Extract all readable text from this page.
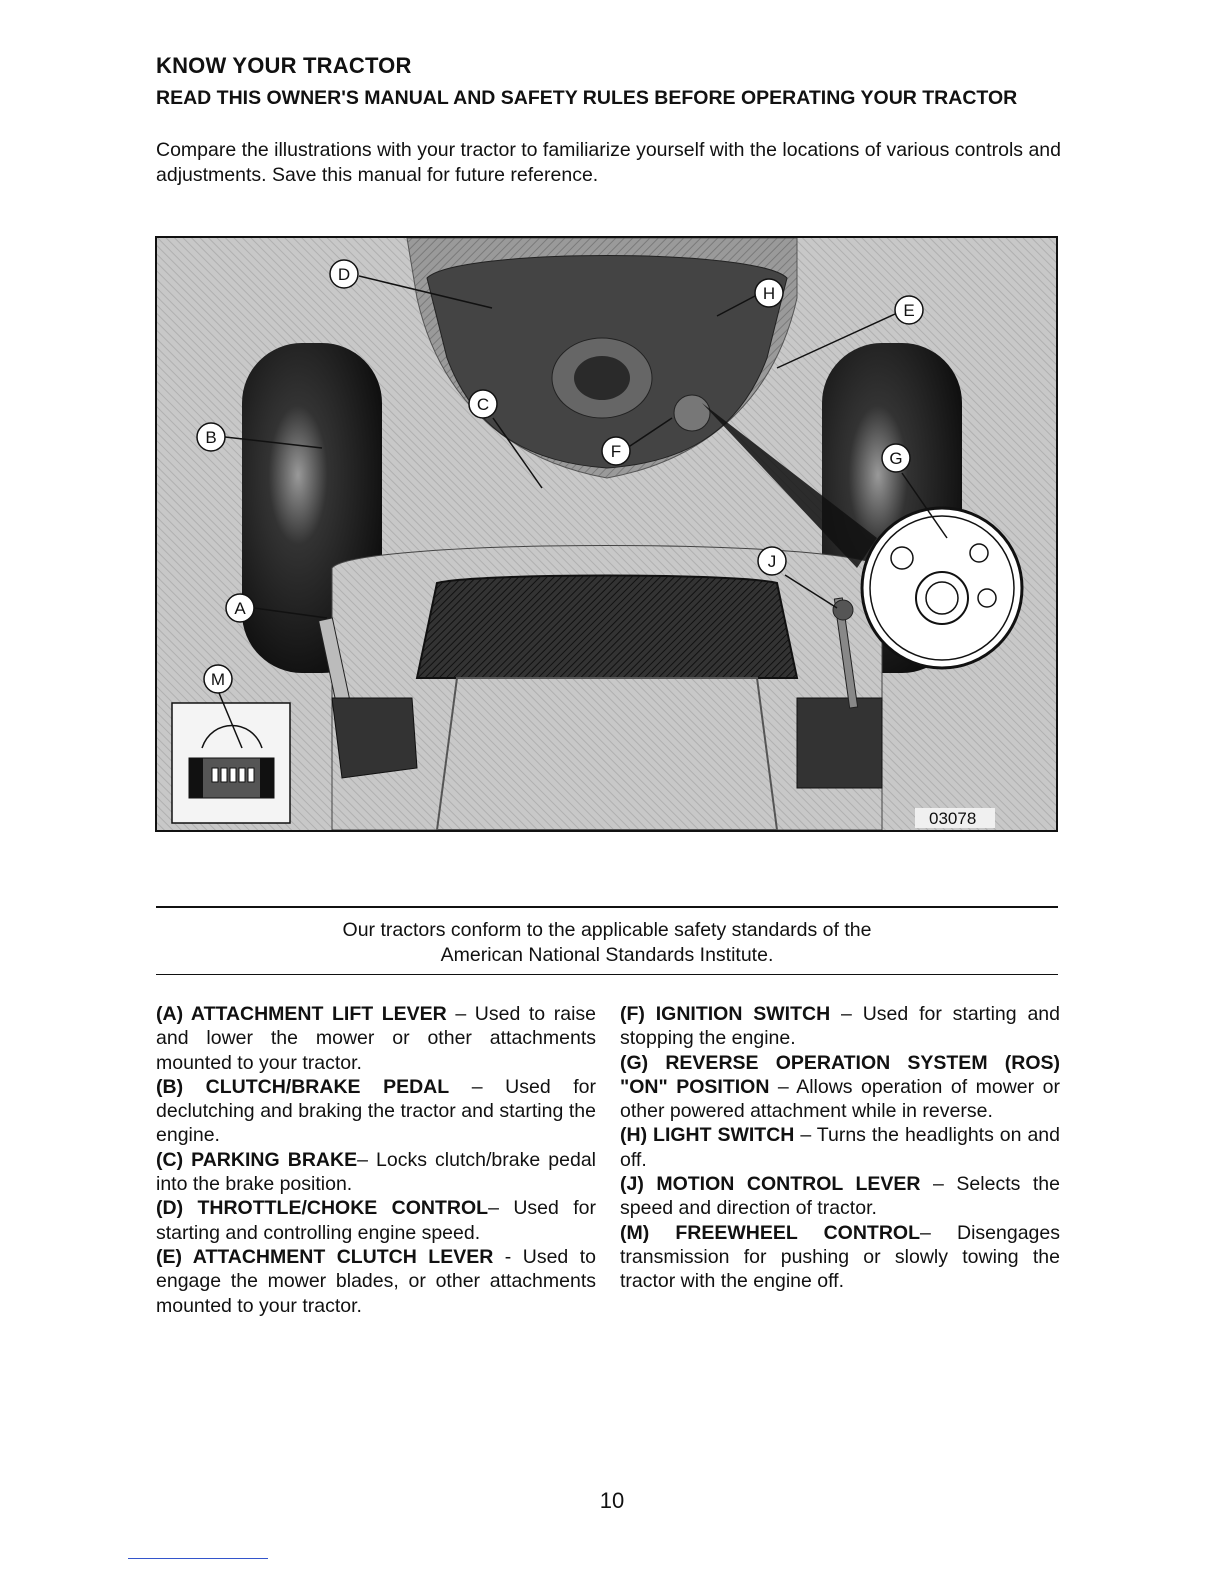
KNOW YOUR TRACTOR
READ THIS OWNER'S MANUAL AND SAFETY RULES BEFORE OPERATING YOUR TRACTOR
Compare the illustrations with your tractor to familiarize yourself with the locations of various controls and adjustments. Save this manual for future reference.
D
H
E
B
C
F	G
J
A
M
03078
Our tractors conform to the applicable safety standards of the
American National Standards Institute.

(A) ATTACHMENT LIFT LEVER – Used to raise and lower the mower or other attachments mounted to your tractor.

(B) CLUTCH/BRAKE PEDAL – Used for declutching and braking the tractor and starting the engine.

(C) PARKING BRAKE– Locks clutch/brake pedal into the brake position.

(D) THROTTLE/CHOKE CONTROL– Used for starting and controlling engine speed.

(E) ATTACHMENT CLUTCH LEVER - Used to engage the mower blades, or other attachments mounted to your tractor.

(F) IGNITION SWITCH – Used for starting and stopping the engine.

(G) REVERSE OPERATION SYSTEM (ROS) "ON" POSITION – Allows operation of mower or other powered attachment while in reverse.

(H) LIGHT SWITCH – Turns the headlights on and off.

(J) MOTION CONTROL LEVER – Selects the speed and direction of tractor.

(M) FREEWHEEL CONTROL– Disengages transmission for pushing or slowly towing the tractor with the engine off.

10
